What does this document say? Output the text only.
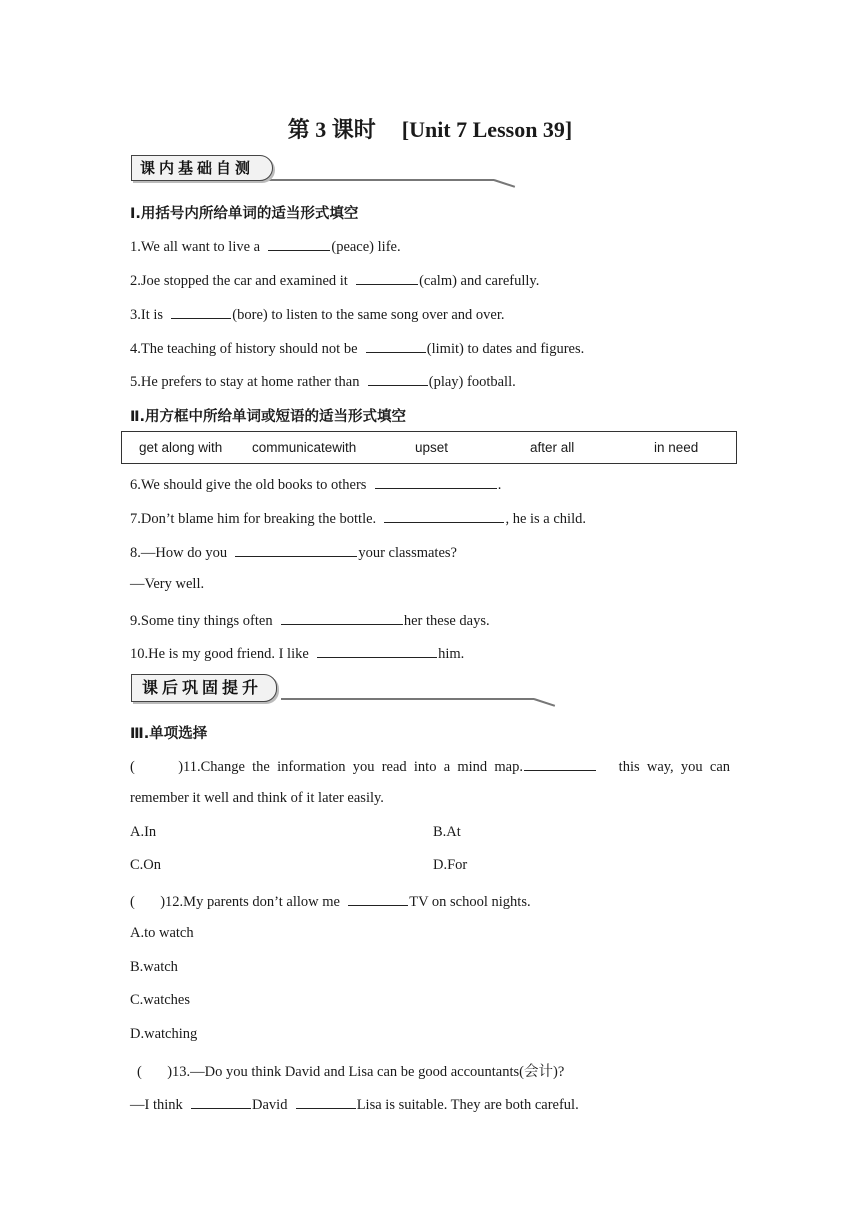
第 3 课时 [Unit 7 Lesson 39]
课内基础自测
Ⅰ.用括号内所给单词的适当形式填空
1.We all want to live a	(peace) life.
2.Joe stopped the car and examined it	(calm) and carefully.
3.It is	(bore) to listen to the same song over and over.
4.The teaching of history should not be	(limit) to dates and figures.
5.He prefers to stay at home rather than	(play) football.
Ⅱ.用方框中所给单词或短语的适当形式填空
get along with communicatewith	upset	after all	in need
6.We should give the old books to others	.
7.Don’t blame him for breaking the bottle.	, he is a child.
8.—How do you	your classmates?
—Very well.
9.Some tiny things often	her these days.
10.He is my good friend. I like	him.
课后巩固提升
Ⅲ.单项选择
(	)11.Change the information you read into a mind map.	this way, you can
remember it well and think of it later easily.
A.In	B.At
C.On	D.For
( )12.My parents don’t allow me	TV on school nights.
A.to watch
B.watch
C.watches
D.watching
( )13.—Do you think David and Lisa can be good accountants(会计)?
—I think	David	Lisa is suitable. They are both careful.
